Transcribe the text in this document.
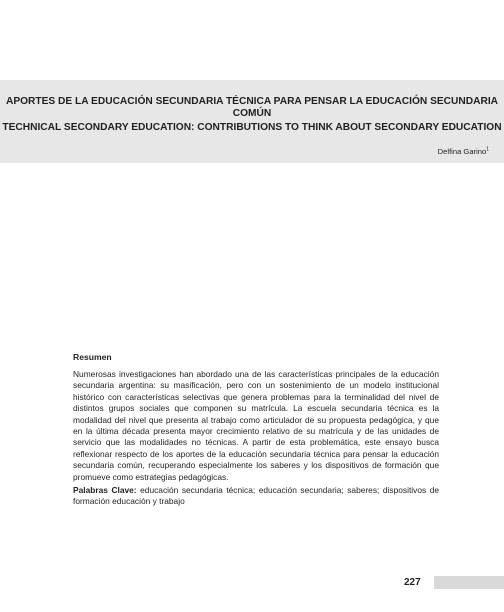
APORTES DE LA EDUCACIÓN SECUNDARIA TÉCNICA PARA PENSAR LA EDUCACIÓN SECUNDARIA COMÚN
TECHNICAL SECONDARY EDUCATION: CONTRIBUTIONS TO THINK ABOUT SECONDARY EDUCATION
Delfina Garino$^1$
Resumen

Numerosas investigaciones han abordado una de las características principales de la educación secundaria argentina: su masificación, pero con un sostenimiento de un modelo institucional histórico con características selectivas que genera problemas para la terminalidad del nivel de distintos grupos sociales que componen su matrícula. La escuela secundaria técnica es la modalidad del nivel que presenta al trabajo como articulador de su propuesta pedagógica, y que en la última década presenta mayor crecimiento relativo de su matrícula y de las unidades de servicio que las modalidades no técnicas. A partir de esta problemática, este ensayo busca reflexionar respecto de los aportes de la educación secundaria técnica para pensar la educación secundaria común, recuperando especialmente los saberes y los dispositivos de formación que promueve como estrategias pedagógicas.

Palabras Clave: educación secundaria técnica; educación secundaria; saberes; dispositivos de formación educación y trabajo

227
